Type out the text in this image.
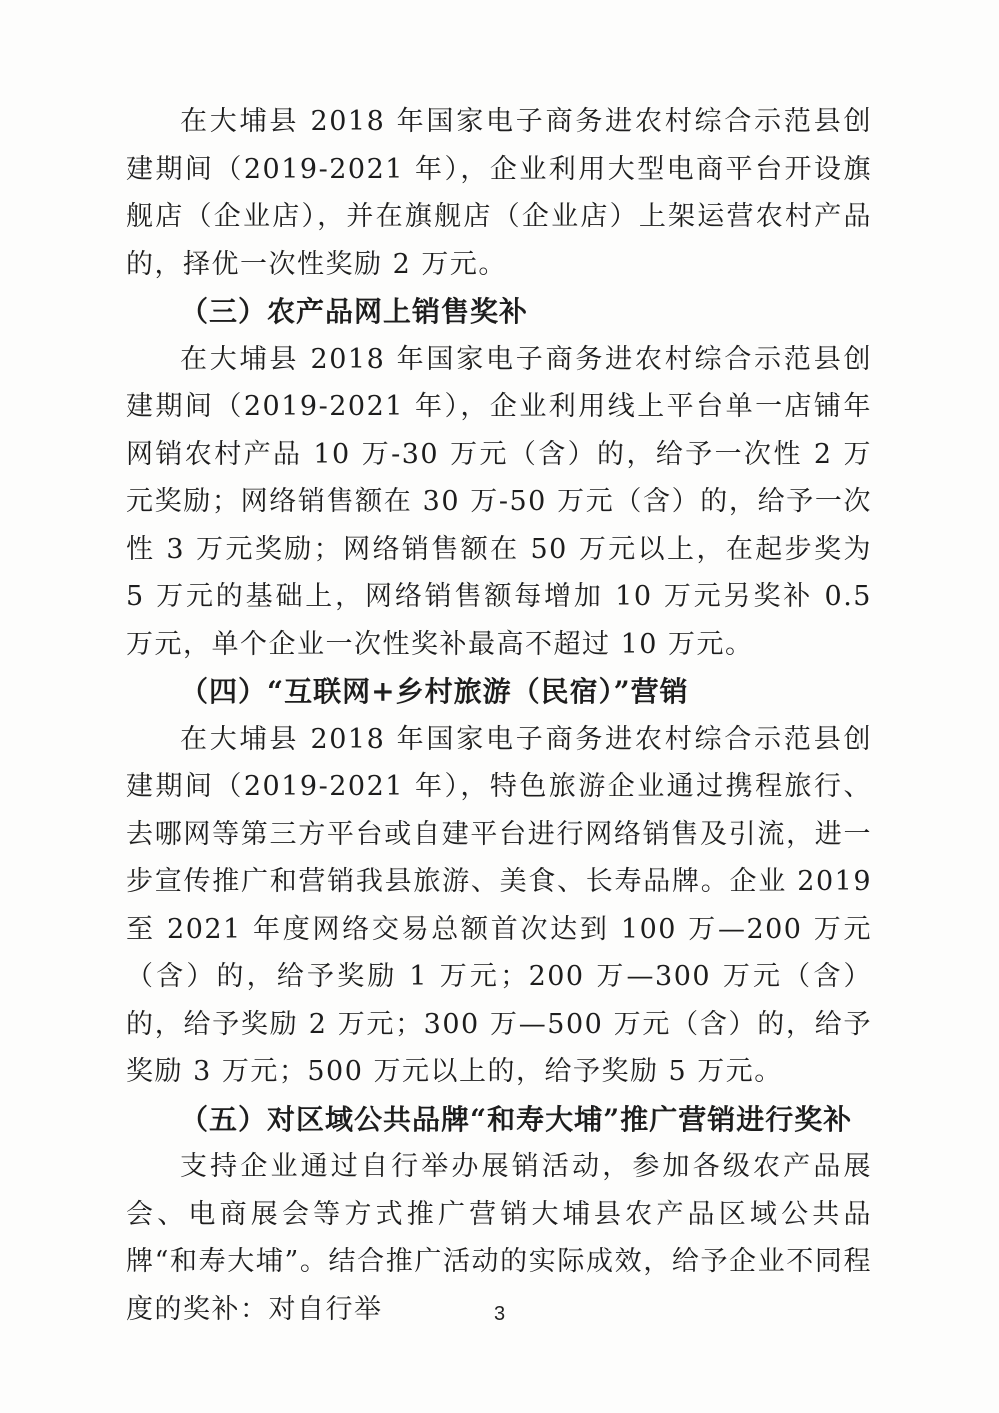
在大埔县 2018 年国家电子商务进农村综合示范县创建期间（2019-2021 年），企业利用大型电商平台开设旗舰店（企业店），并在旗舰店（企业店）上架运营农村产品的，择优一次性奖励 2 万元。

（三）农产品网上销售奖补

在大埔县 2018 年国家电子商务进农村综合示范县创建期间（2019-2021 年），企业利用线上平台单一店铺年网销农村产品 10 万-30 万元（含）的，给予一次性 2 万元奖励；网络销售额在 30 万-50 万元（含）的，给予一次性 3 万元奖励；网络销售额在 50 万元以上，在起步奖为 5 万元的基础上，网络销售额每增加 10 万元另奖补 0.5 万元，单个企业一次性奖补最高不超过 10 万元。

（四）“互联网+乡村旅游（民宿）”营销

在大埔县 2018 年国家电子商务进农村综合示范县创建期间（2019-2021 年），特色旅游企业通过携程旅行、去哪网等第三方平台或自建平台进行网络销售及引流，进一步宣传推广和营销我县旅游、美食、长寿品牌。企业 2019 至 2021 年度网络交易总额首次达到 100 万—200 万元（含）的，给予奖励 1 万元；200 万—300 万元（含）的，给予奖励 2 万元；300 万—500 万元（含）的，给予奖励 3 万元；500 万元以上的，给予奖励 5 万元。

（五）对区域公共品牌“和寿大埔”推广营销进行奖补

支持企业通过自行举办展销活动，参加各级农产品展会、电商展会等方式推广营销大埔县农产品区域公共品牌“和寿大埔”。结合推广活动的实际成效，给予企业不同程度的奖补：对自行举	3
